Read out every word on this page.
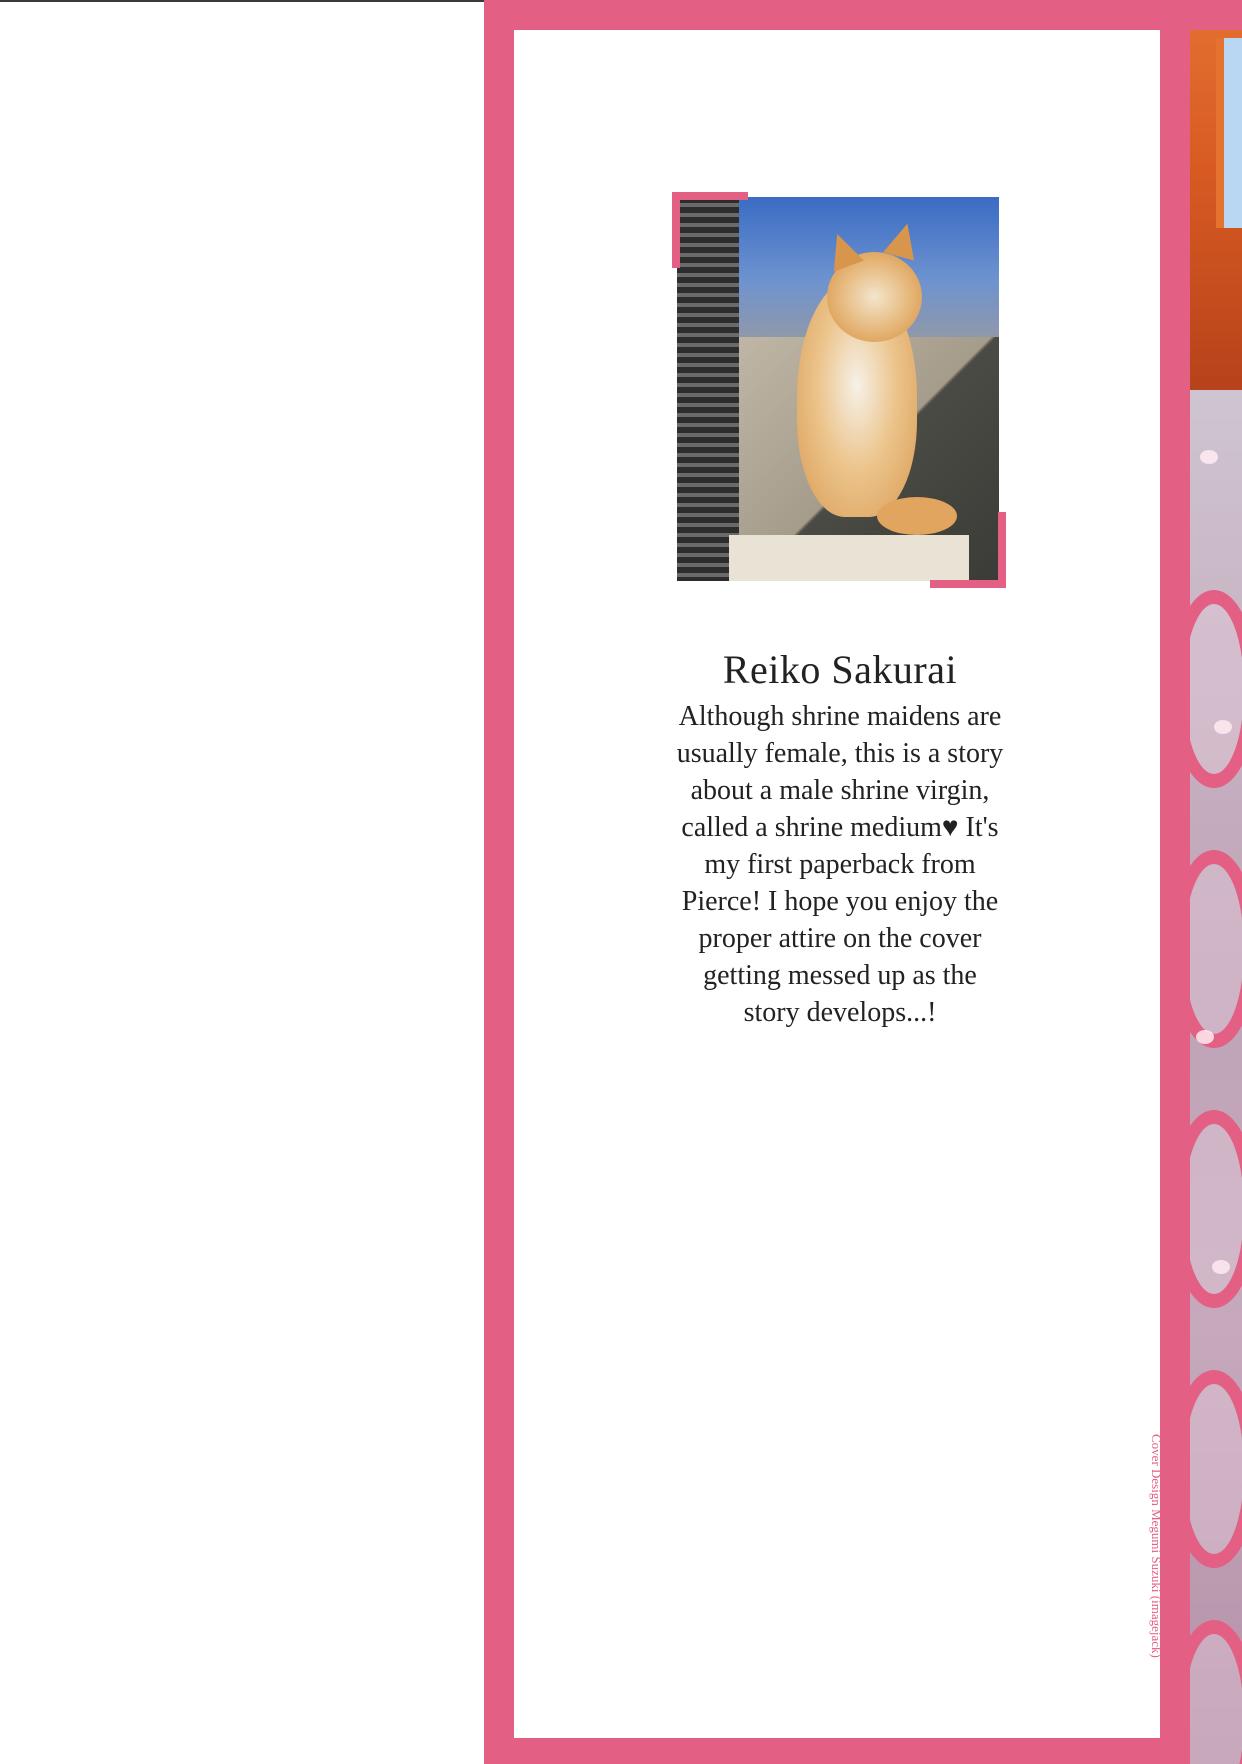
Reiko Sakurai
Although shrine maidens are usually female, this is a story about a male shrine virgin, called a shrine medium♥ It's my first paperback from Pierce! I hope you enjoy the proper attire on the cover getting messed up as the story develops...!
Cover Design Megumi Suzuki (imagejack)
